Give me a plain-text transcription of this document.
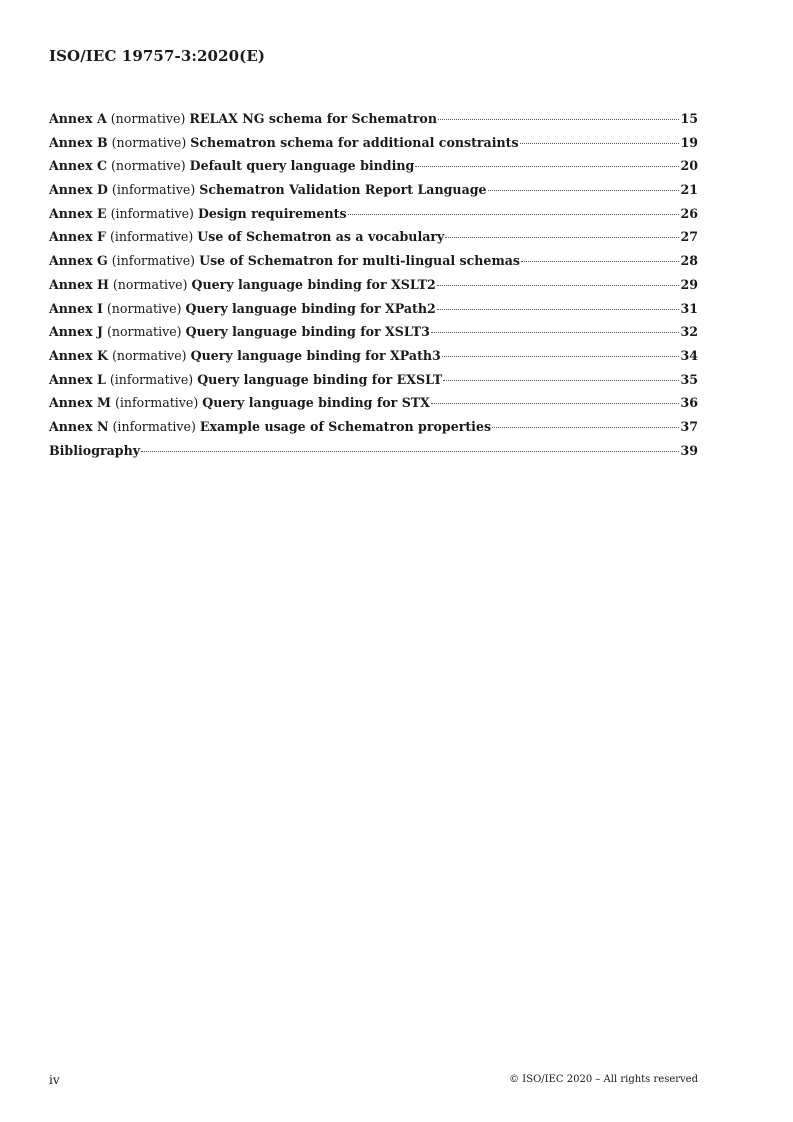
ISO/IEC 19757-3:2020(E)
Annex A (normative) RELAX NG schema for Schematron	15
Annex B (normative) Schematron schema for additional constraints	19
Annex C (normative) Default query language binding	20
Annex D (informative) Schematron Validation Report Language	21
Annex E (informative) Design requirements	26
Annex F (informative) Use of Schematron as a vocabulary	27
Annex G (informative) Use of Schematron for multi-lingual schemas	28
Annex H (normative) Query language binding for XSLT2	29
Annex I (normative) Query language binding for XPath2	31
Annex J (normative) Query language binding for XSLT3	32
Annex K (normative) Query language binding for XPath3	34
Annex L (informative) Query language binding for EXSLT	35
Annex M (informative) Query language binding for STX	36
Annex N (informative) Example usage of Schematron properties	37
Bibliography	39
iv	© ISO/IEC 2020 – All rights reserved
